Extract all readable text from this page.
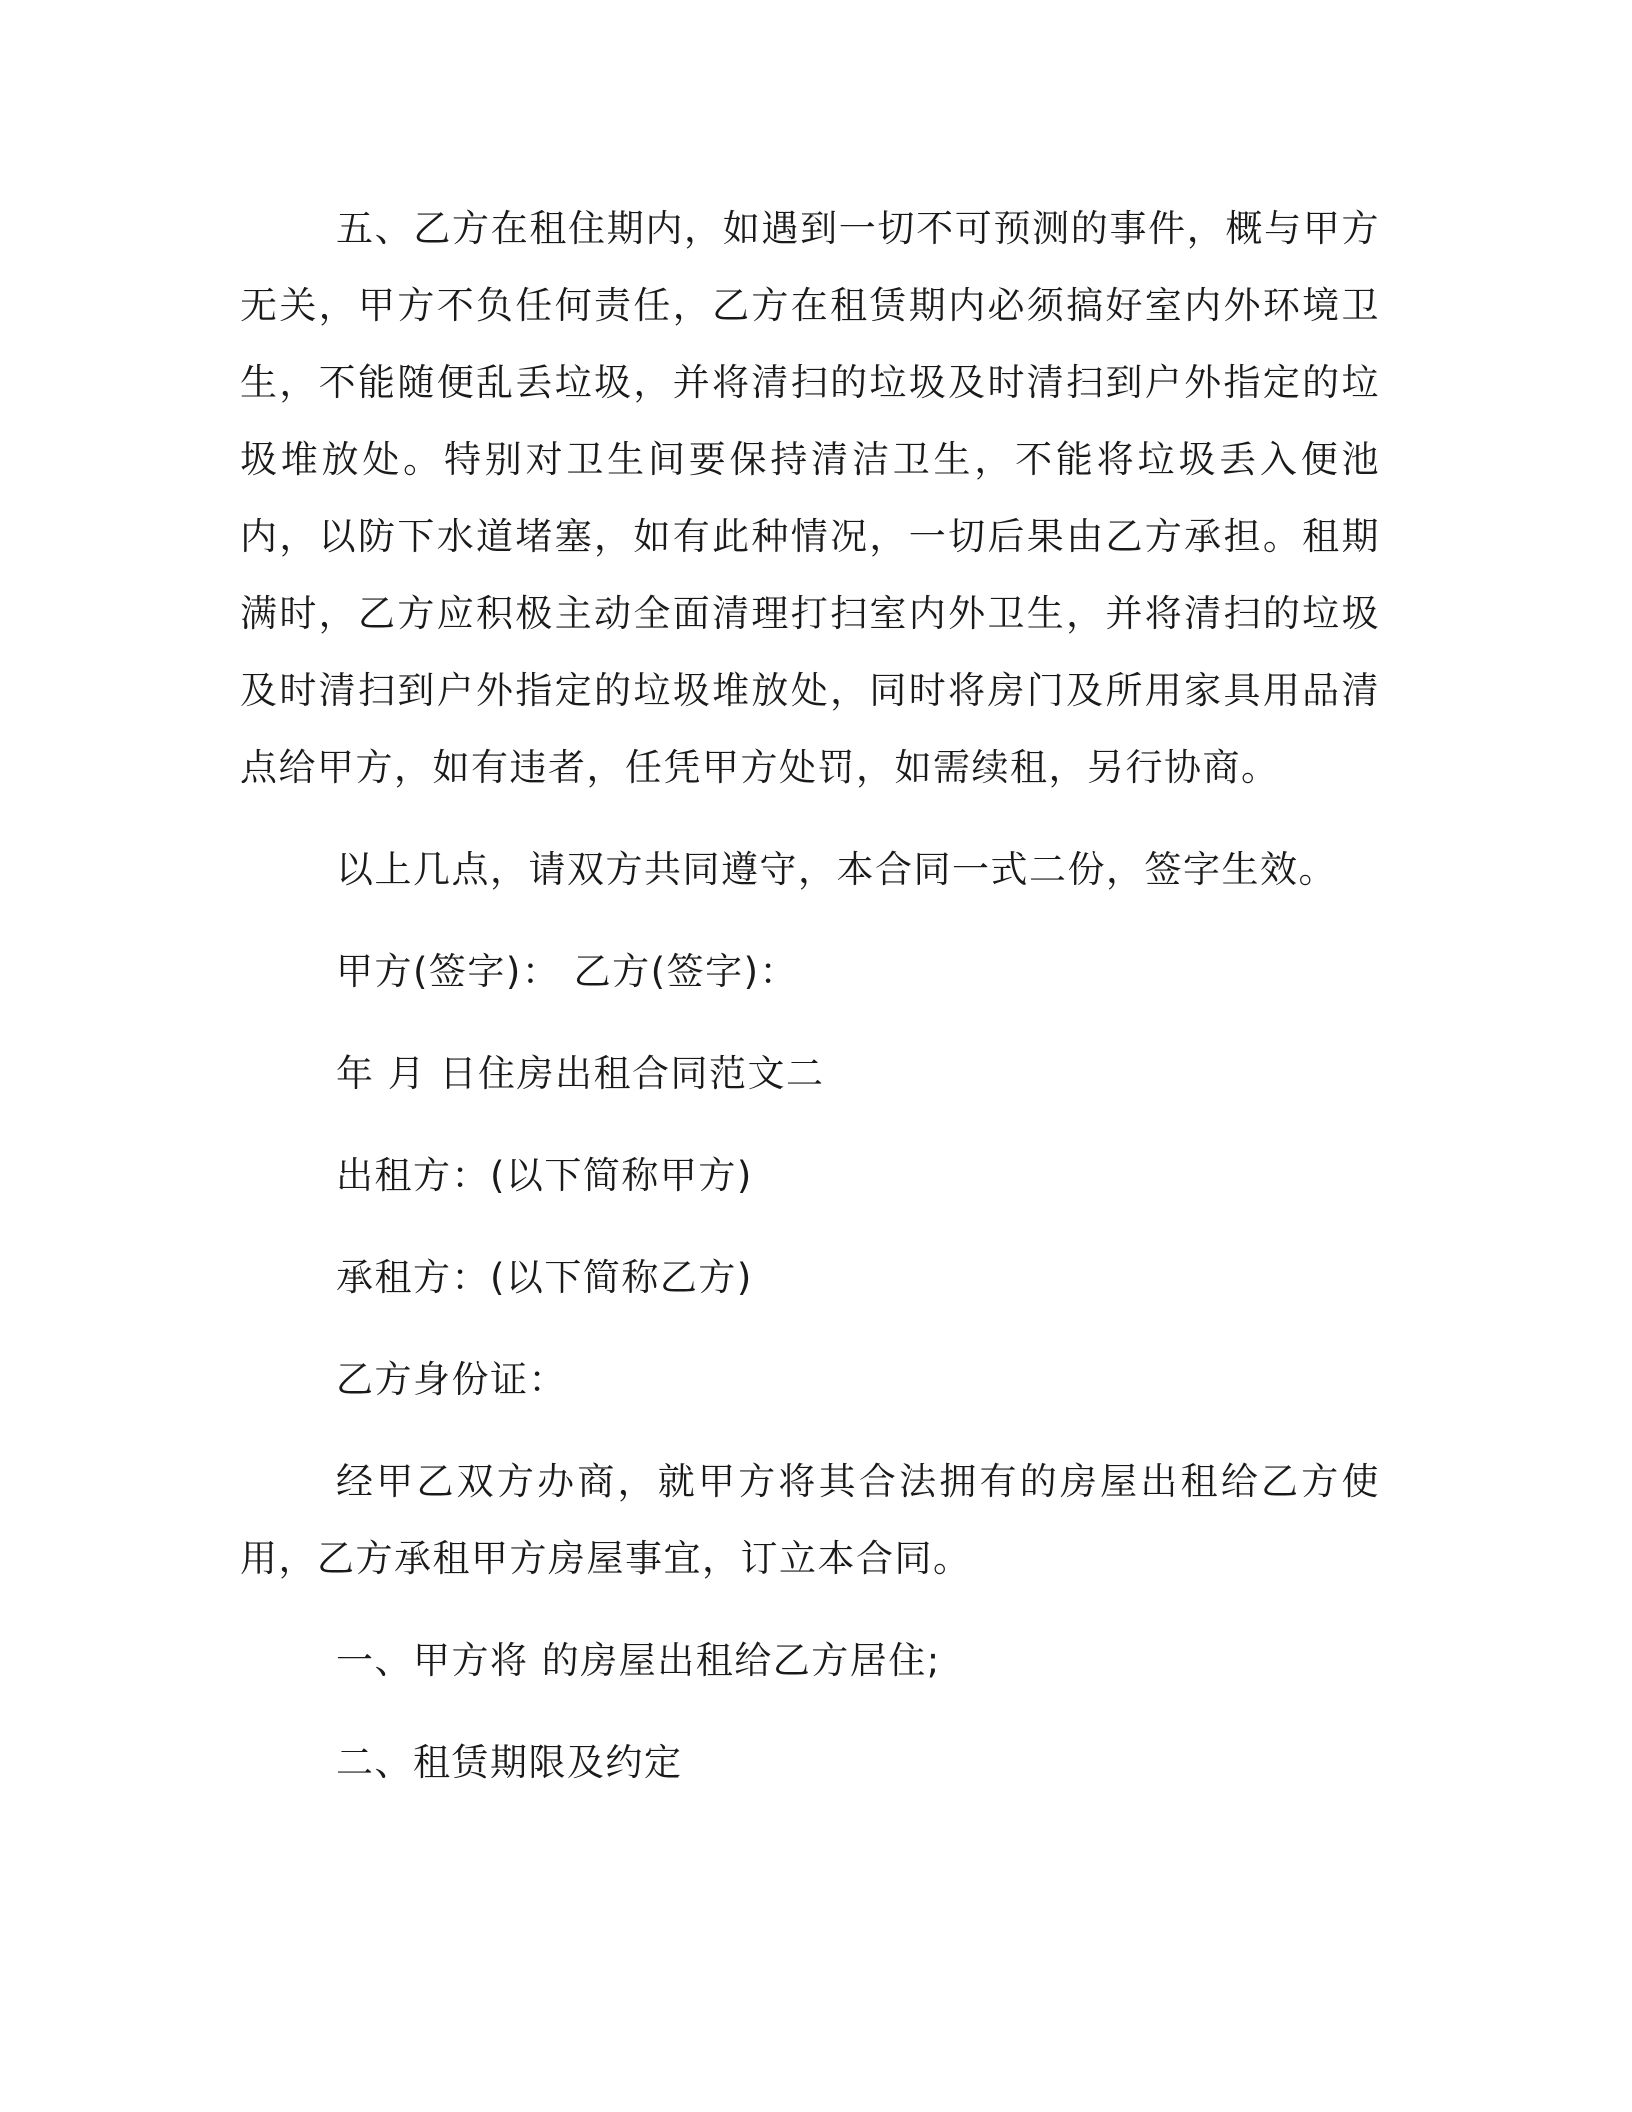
五、乙方在租住期内，如遇到一切不可预测的事件，概与甲方无关，甲方不负任何责任，乙方在租赁期内必须搞好室内外环境卫生，不能随便乱丢垃圾，并将清扫的垃圾及时清扫到户外指定的垃圾堆放处。特别对卫生间要保持清洁卫生，不能将垃圾丢入便池内，以防下水道堵塞，如有此种情况，一切后果由乙方承担。租期满时，乙方应积极主动全面清理打扫室内外卫生，并将清扫的垃圾及时清扫到户外指定的垃圾堆放处，同时将房门及所用家具用品清点给甲方，如有违者，任凭甲方处罚，如需续租，另行协商。

以上几点，请双方共同遵守，本合同一式二份，签字生效。

甲方(签字)： 乙方(签字)：

年 月 日住房出租合同范文二

出租方：(以下简称甲方)

承租方：(以下简称乙方)

乙方身份证：

经甲乙双方办商，就甲方将其合法拥有的房屋出租给乙方使用，乙方承租甲方房屋事宜，订立本合同。

一、甲方将 的房屋出租给乙方居住;

二、租赁期限及约定
